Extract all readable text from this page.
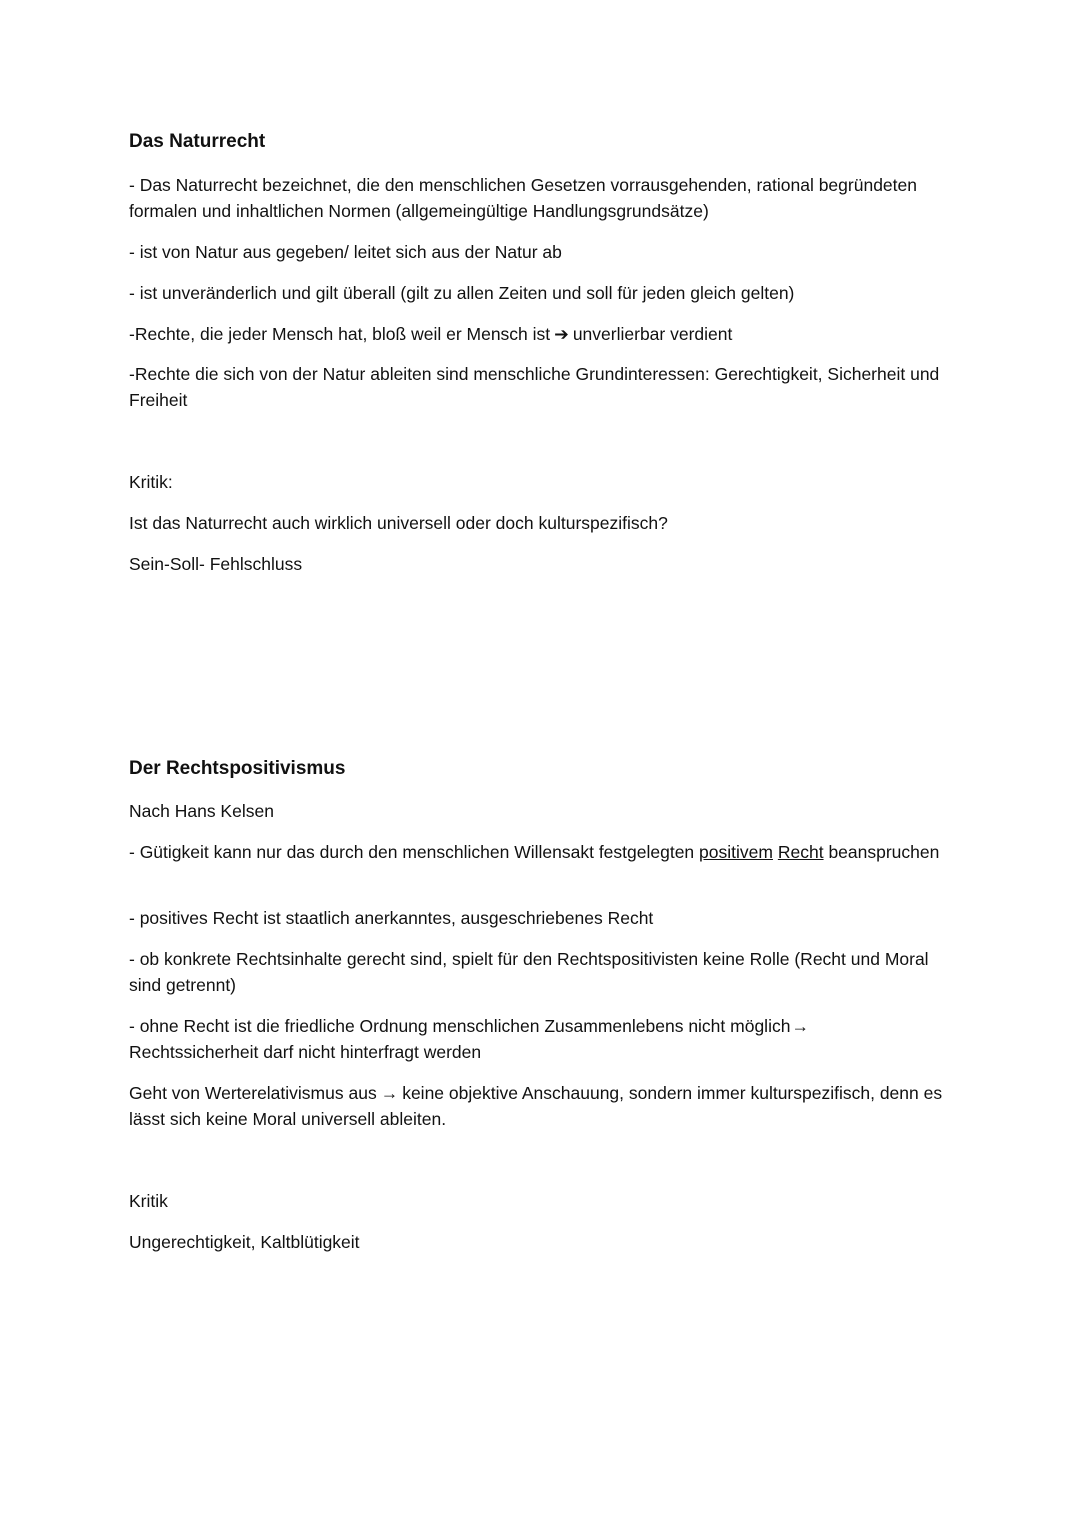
Das Naturrecht

- Das Naturrecht bezeichnet, die den menschlichen Gesetzen vorrausgehenden, rational begründeten formalen und inhaltlichen Normen (allgemeingültige Handlungsgrundsätze)

- ist von Natur aus gegeben/ leitet sich aus der Natur ab

- ist unveränderlich und gilt überall (gilt zu allen Zeiten und soll für jeden gleich gelten)

-Rechte, die jeder Mensch hat, bloß weil er Mensch ist ➔ unverlierbar verdient

-Rechte die sich von der Natur ableiten sind menschliche Grundinteressen: Gerechtigkeit, Sicherheit und Freiheit

Kritik:

Ist das Naturrecht auch wirklich universell oder doch kulturspezifisch?

Sein-Soll- Fehlschluss

Der Rechtspositivismus

Nach Hans Kelsen

- Gütigkeit kann nur das durch den menschlichen Willensakt festgelegten positivem Recht beanspruchen

- positives Recht ist staatlich anerkanntes, ausgeschriebenes Recht

- ob konkrete Rechtsinhalte gerecht sind, spielt für den Rechtspositivisten keine Rolle (Recht und Moral sind getrennt)

- ohne Recht ist die friedliche Ordnung menschlichen Zusammenlebens nicht möglich→
Rechtssicherheit darf nicht hinterfragt werden

Geht von Werterelativismus aus → keine objektive Anschauung, sondern immer kulturspezifisch, denn es lässt sich keine Moral universell ableiten.

Kritik

Ungerechtigkeit, Kaltblütigkeit
